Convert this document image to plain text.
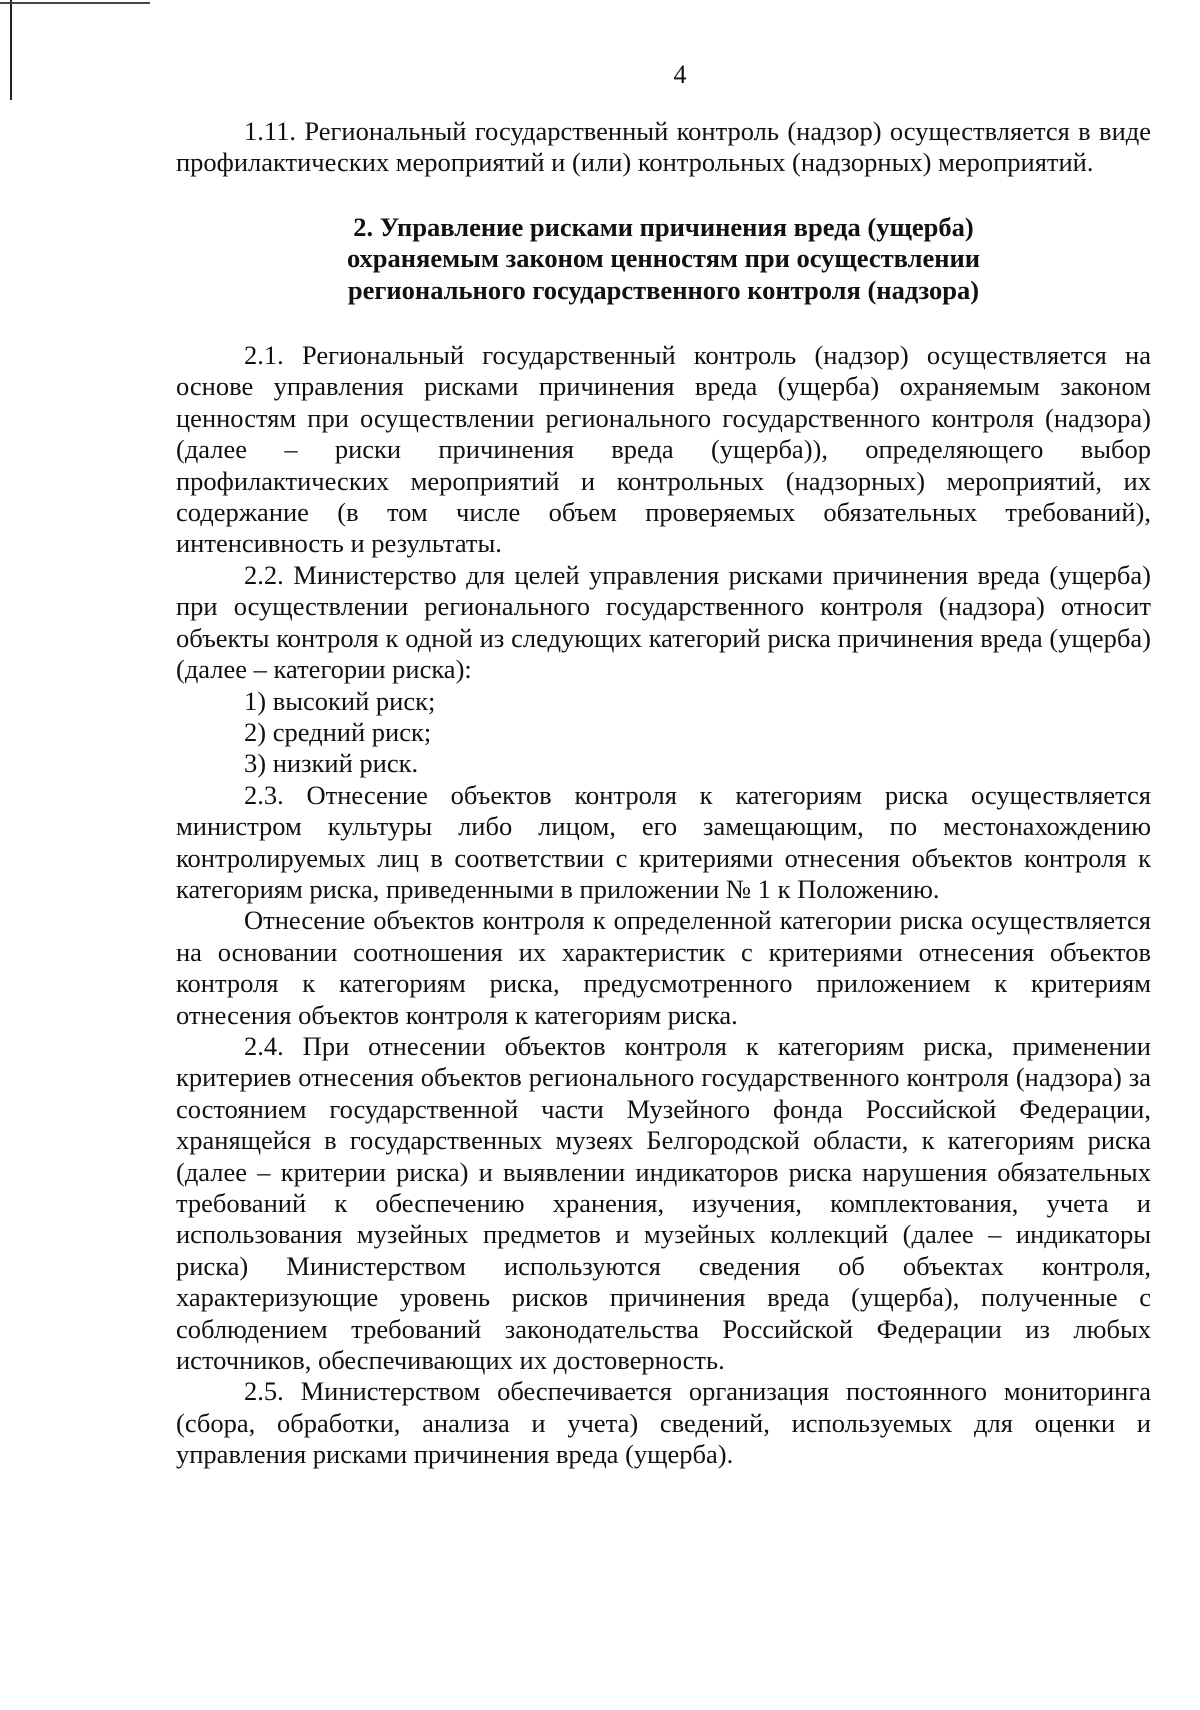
4

1.11. Региональный государственный контроль (надзор) осуществляется в виде профилактических мероприятий и (или) контрольных (надзорных) мероприятий.

2. Управление рисками причинения вреда (ущерба)
охраняемым законом ценностям при осуществлении
регионального государственного контроля (надзора)

2.1. Региональный государственный контроль (надзор) осуществляется на основе управления рисками причинения вреда (ущерба) охраняемым законом ценностям при осуществлении регионального государственного контроля (надзора) (далее – риски причинения вреда (ущерба)), определяющего выбор профилактических мероприятий и контрольных (надзорных) мероприятий, их содержание (в том числе объем проверяемых обязательных требований), интенсивность и результаты.

2.2. Министерство для целей управления рисками причинения вреда (ущерба) при осуществлении регионального государственного контроля (надзора) относит объекты контроля к одной из следующих категорий риска причинения вреда (ущерба) (далее – категории риска):

1) высокий риск;

2) средний риск;

3) низкий риск.

2.3. Отнесение объектов контроля к категориям риска осуществляется министром культуры либо лицом, его замещающим, по местонахождению контролируемых лиц в соответствии с критериями отнесения объектов контроля к категориям риска, приведенными в приложении № 1 к Положению.

Отнесение объектов контроля к определенной категории риска осуществляется на основании соотношения их характеристик с критериями отнесения объектов контроля к категориям риска, предусмотренного приложением к критериям отнесения объектов контроля к категориям риска.

2.4. При отнесении объектов контроля к категориям риска, применении критериев отнесения объектов регионального государственного контроля (надзора) за состоянием государственной части Музейного фонда Российской Федерации, хранящейся в государственных музеях Белгородской области, к категориям риска (далее – критерии риска) и выявлении индикаторов риска нарушения обязательных требований к обеспечению хранения, изучения, комплектования, учета и использования музейных предметов и музейных коллекций (далее – индикаторы риска) Министерством используются сведения об объектах контроля, характеризующие уровень рисков причинения вреда (ущерба), полученные с соблюдением требований законодательства Российской Федерации из любых источников, обеспечивающих их достоверность.

2.5. Министерством обеспечивается организация постоянного мониторинга (сбора, обработки, анализа и учета) сведений, используемых для оценки и управления рисками причинения вреда (ущерба).
